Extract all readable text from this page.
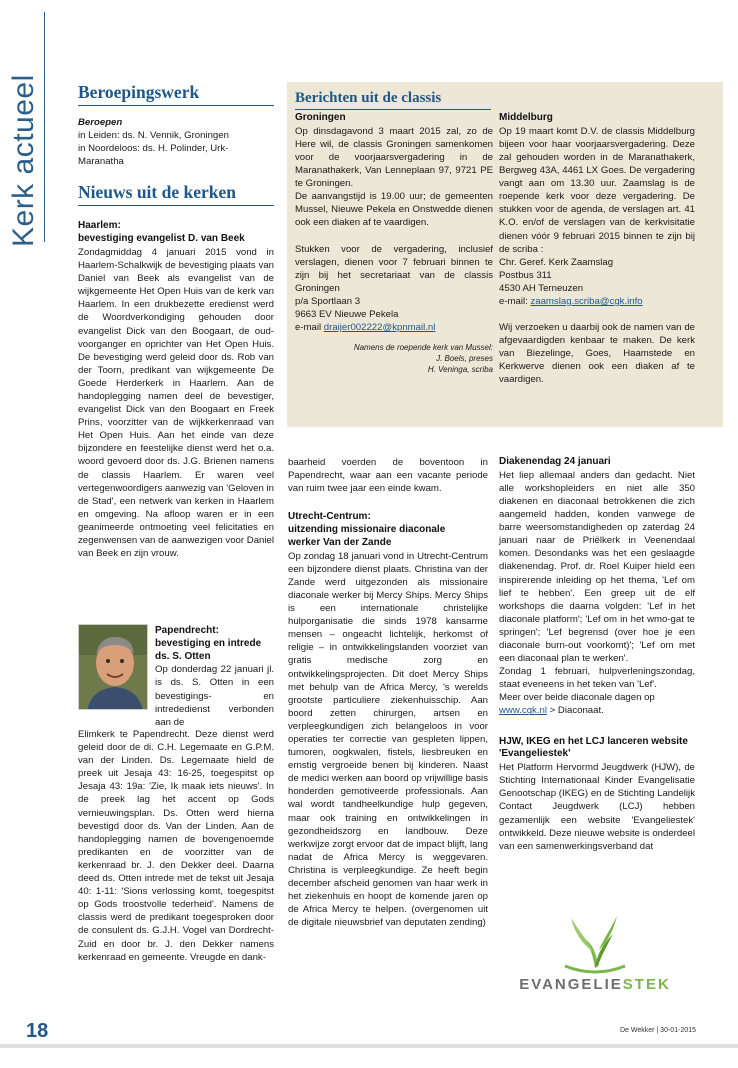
Kerk actueel Beroepingswerk
Beroepen
in Leiden: ds. N. Vennik, Groningen
in Noordeloos: ds. H. Polinder, Urk-
Maranatha
Nieuws uit de kerken
Haarlem:
bevestiging evangelist D. van Beek

Zondagmiddag 4 januari 2015 vond in Haarlem-Schalkwijk de bevestiging plaats van Daniel van Beek als evangelist van de wijkgemeente Het Open Huis van de kerk van Haarlem. In een drukbezette eredienst werd de Woordverkondiging gehouden door evangelist Dick van den Boogaart, de oud-voorganger en oprichter van Het Open Huis. De bevestiging werd geleid door ds. Rob van der Toorn, predikant van wijkgemeente De Goede Herderkerk in Haarlem. Aan de handoplegging namen deel de bevestiger, evangelist Dick van den Boogaart en Freek Prins, voorzitter van de wijkkerkenraad van Het Open Huis. Aan het einde van deze bijzondere en feestelijke dienst werd het o.a. woord gevoerd door ds. J.G. Brienen namens de classis Haarlem. Er waren veel vertegenwoordigers aanwezig van 'Geloven in de Stad', een netwerk van kerken in Haarlem en omgeving. Na afloop waren er in een geanimeerde ontmoeting veel felicitaties en zegenwensen van de aanwezigen voor Daniel van Beek en zijn vrouw.

Papendrecht:
bevestiging en intrede
ds. S. Otten

Op donderdag 22 januari jl. is ds. S. Otten in een bevestigings- en intrededienst verbonden aan de

Elimkerk te Papendrecht. Deze dienst werd geleid door de di. C.H. Legemaate en G.P.M. van der Linden. Ds. Legemaate hield de preek uit Jesaja 43: 16-25, toegespitst op Jesaja 43: 19a: 'Zie, Ik maak iets nieuws'. In de preek lag het accent op Gods vernieuwingsplan. Ds. Otten werd hierna bevestigd door ds. Van der Linden. Aan de handoplegging namen de bovengenoemde predikanten en de voorzitter van de kerkenraad br. J. den Dekker deel. Daarna deed ds. Otten intrede met de tekst uit Jesaja 40: 1-11: 'Sions verlossing komt, toegespitst op Gods troostvolle tederheid'. Namens de classis werd de predikant toegesproken door de consulent ds. G.J.H. Vogel van Dordrecht-Zuid en door br. J. den Dekker namens kerkenraad en gemeente. Vreugde en dank-

Berichten uit de classis
Groningen

Op dinsdagavond 3 maart 2015 zal, zo de Here wil, de classis Groningen samenkomen voor de voorjaarsvergadering in de Maranathakerk, Van Lenneplaan 97, 9721 PE te Groningen.

De aanvangstijd is 19.00 uur; de gemeenten Mussel, Nieuwe Pekela en Onstwedde dienen ook een diaken af te vaardigen.

Stukken voor de vergadering, inclusief verslagen, dienen voor 7 februari binnen te zijn bij het secretariaat van de classis Groningen

p/a Sportlaan 3
9663 EV Nieuwe Pekela
e-mail draijer002222@kpnmail.nl
Namens de roepende kerk van Mussel:
J. Boels, preses
H. Veninga, scriba
Middelburg

Op 19 maart komt D.V. de classis Middelburg bijeen voor haar voorjaarsvergadering. Deze zal gehouden worden in de Maranathakerk, Bergweg 43A, 4461 LX Goes. De vergadering vangt aan om 13.30 uur. Zaamslag is de roepende kerk voor deze vergadering. De stukken voor de agenda, de verslagen art. 41 K.O. en/of de verslagen van de kerkvisitatie dienen vóór 9 februari 2015 binnen te zijn bij de scriba :

Chr. Geref. Kerk Zaamslag
Postbus 311
4530 AH Terneuzen
e-mail: zaamslag.scriba@cgk.info

Wij verzoeken u daarbij ook de namen van de afgevaardigden kenbaar te maken. De kerk van Biezelinge, Goes, Haamstede en Kerkwerve dienen ook een diaken af te vaardigen.

baarheid voerden de boventoon in Papendrecht, waar aan een vacante periode van ruim twee jaar een einde kwam.

Utrecht-Centrum:
uitzending missionaire diaconale
werker Van der Zande

Op zondag 18 januari vond in Utrecht-Centrum een bijzondere dienst plaats. Christina van der Zande werd uitgezonden als missionaire diaconale werker bij Mercy Ships. Mercy Ships is een internationale christelijke hulporganisatie die sinds 1978 kansarme mensen – ongeacht lichtelijk, herkomst of religie – in ontwikkelingslanden voorziet van gratis medische zorg en ontwikkelingsprojecten. Dit doet Mercy Ships met behulp van de Africa Mercy, 's werelds grootste particuliere ziekenhuisschip. Aan boord zetten chirurgen, artsen en verpleegkundigen zich belangeloos in voor operaties ter correctie van gespleten lippen, tumoren, oogkwalen, fistels, liesbreuken en ernstig vergroeide benen bij kinderen. Naast de medici werken aan boord op vrijwillige basis honderden gemotiveerde professionals. Aan wal wordt tandheelkundige hulp gegeven, maar ook training en ontwikkelingen in gezondheidszorg en landbouw. Deze werkwijze zorgt ervoor dat de impact blijft, lang nadat de Africa Mercy is weggevaren. Christina is verpleegkundige. Ze heeft begin december afscheid genomen van haar werk in het ziekenhuis en hoopt de komende jaren op de Africa Mercy te helpen. (overgenomen uit de digitale nieuwsbrief van deputaten zending)

Diakenendag 24 januari

Het liep allemaal anders dan gedacht. Niet alle workshopleiders en niet alle 350 diakenen en diaconaal betrokkenen die zich aangemeld hadden, konden vanwege de barre weersomstandigheden op zaterdag 24 januari naar de Priëlkerk in Veenendaal komen. Desondanks was het een geslaagde diakenendag. Prof. dr. Roel Kuiper hield een inspirerende inleiding op het thema, 'Lef om lief te hebben'. Een greep uit de elf workshops die daarna volgden: 'Lef in het diaconale platform'; 'Lef om in het wmo-gat te springen'; 'Lef begrensd (over hoe je een diaconale burn-out voorkomt)'; 'Lef om met een diaconaal plan te werken'.

Zondag 1 februari, hulpverleningszondag, staat eveneens in het teken van 'Lef'.

Meer over beide diaconale dagen op
www.cgk.nl > Diaconaat.

HJW, IKEG en het LCJ lanceren website
'Evangeliestek'

Het Platform Hervormd Jeugdwerk (HJW), de Stichting Internationaal Kinder Evangelisatie Genootschap (IKEG) en de Stichting Landelijk Contact Jeugdwerk (LCJ) hebben gezamenlijk een website 'Evangeliestek' ontwikkeld. Deze nieuwe website is onderdeel van een samenwerkingsverband dat

EVANGELIESTEK
18	De Wekker | 30-01-2015
